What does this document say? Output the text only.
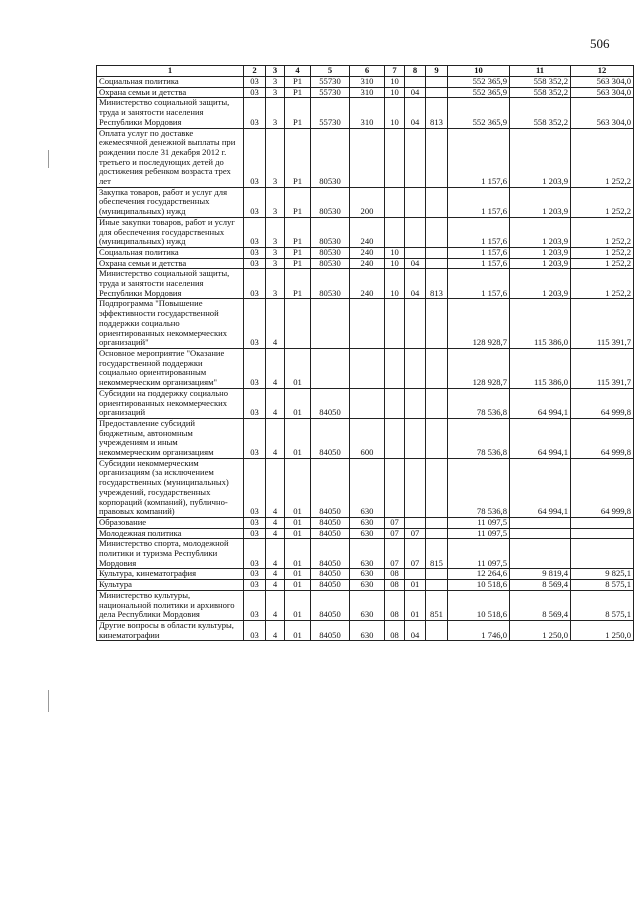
506
1	2	3	4	5	6	7	8	9	10	11	12
Социальная политика	03	3	P1	55730	310	10			552 365,9	558 352,2	563 304,0
Охрана семьи и детства	03	3	P1	55730	310	10	04		552 365,9	558 352,2	563 304,0
Министерство социальной защиты, труда и занятости населения Республики Мордовия	03	3	P1	55730	310	10	04	813	552 365,9	558 352,2	563 304,0
Оплата услуг по доставке ежемесячной денежной выплаты при рождении после 31 декабря 2012 г. третьего и последующих детей до достижения ребенком возраста трех лет	03	3	P1	80530					1 157,6	1 203,9	1 252,2
Закупка товаров, работ и услуг для обеспечения государственных (муниципальных) нужд	03	3	P1	80530	200				1 157,6	1 203,9	1 252,2
Иные закупки товаров, работ и услуг для обеспечения государственных (муниципальных) нужд	03	3	P1	80530	240				1 157,6	1 203,9	1 252,2
Социальная политика	03	3	P1	80530	240	10			1 157,6	1 203,9	1 252,2
Охрана семьи и детства	03	3	P1	80530	240	10	04		1 157,6	1 203,9	1 252,2
Министерство социальной защиты, труда и занятости населения Республики Мордовия	03	3	P1	80530	240	10	04	813	1 157,6	1 203,9	1 252,2
Подпрограмма "Повышение эффективности государственной поддержки социально ориентированных некоммерческих организаций"	03	4							128 928,7	115 386,0	115 391,7
Основное мероприятие "Оказание государственной поддержки социально ориентированным некоммерческим организациям"	03	4	01						128 928,7	115 386,0	115 391,7
Субсидии на поддержку социально ориентированных некоммерческих организаций	03	4	01	84050					78 536,8	64 994,1	64 999,8
Предоставление субсидий бюджетным, автономным учреждениям и иным некоммерческим организациям	03	4	01	84050	600				78 536,8	64 994,1	64 999,8
Субсидии некоммерческим организациям (за исключением государственных (муниципальных) учреждений, государственных корпораций (компаний), публично-правовых компаний)	03	4	01	84050	630				78 536,8	64 994,1	64 999,8
Образование	03	4	01	84050	630	07			11 097,5		
Молодежная политика	03	4	01	84050	630	07	07		11 097,5		
Министерство спорта, молодежной политики и туризма Республики Мордовия	03	4	01	84050	630	07	07	815	11 097,5		
Культура, кинематография	03	4	01	84050	630	08			12 264,6	9 819,4	9 825,1
Культура	03	4	01	84050	630	08	01		10 518,6	8 569,4	8 575,1
Министерство культуры, национальной политики и архивного дела Республики Мордовия	03	4	01	84050	630	08	01	851	10 518,6	8 569,4	8 575,1
Другие вопросы в области культуры, кинематографии	03	4	01	84050	630	08	04		1 746,0	1 250,0	1 250,0
